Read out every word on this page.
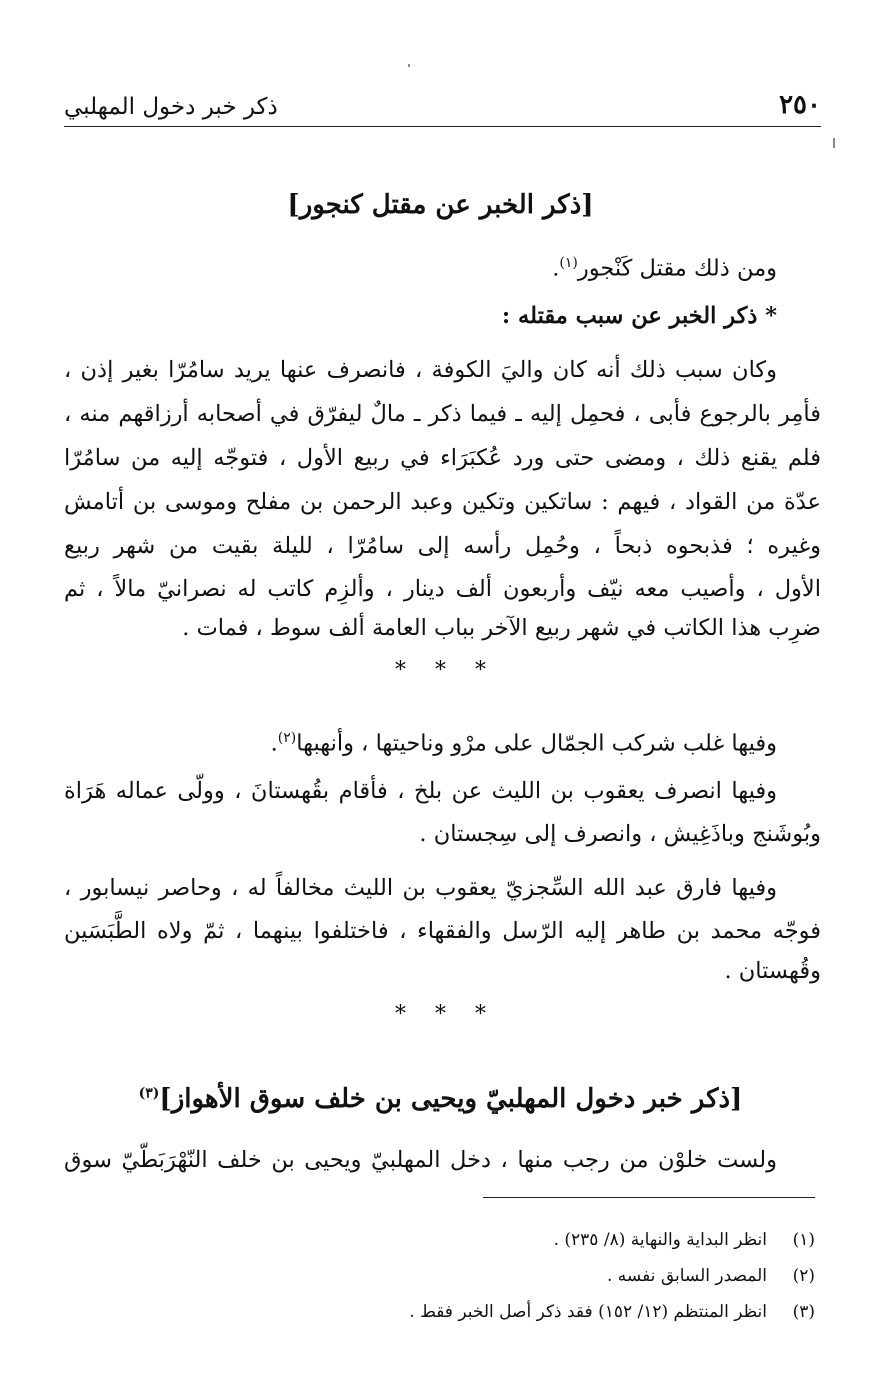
٢٥٠
ذكر خبر دخول المهلبي
[ذكر الخبر عن مقتل كنجور]
ومن ذلك مقتل كَنْجور$^{(١)}$.
* ذكر الخبر عن سبب مقتله :
وكان سبب ذلك أنه كان واليَ الكوفة ، فانصرف عنها يريد سامُرّا بغير إذن ،
فأمِر بالرجوع فأبى ، فحمِل إليه ـ فيما ذكر ـ مالٌ ليفرّق في أصحابه أرزاقهم منه ،
فلم يقنع ذلك ، ومضى حتى ورد عُكبَرَاء في ربيع الأول ، فتوجّه إليه من سامُرّا
عدّة من القواد ، فيهم : ساتكين وتكين وعبد الرحمن بن مفلح وموسى بن أتامش
وغيره ؛ فذبحوه ذبحاً ، وحُمِل رأسه إلى سامُرّا ، لليلة بقيت من شهر ربيع
الأول ، وأصيب معه نيّف وأربعون ألف دينار ، وألزِم كاتب له نصرانيّ مالاً ، ثم
ضرِب هذا الكاتب في شهر ربيع الآخر بباب العامة ألف سوط ، فمات .
* * *
وفيها غلب شركب الجمّال على مرْو وناحيتها ، وأنهبها$^{(٢)}$.
وفيها انصرف يعقوب بن الليث عن بلخ ، فأقام بقُهستانَ ، وولّى عماله هَرَاة
وبُوشَنج وباذَغِيش ، وانصرف إلى سِجستان .
وفيها فارق عبد الله السِّجزيّ يعقوب بن الليث مخالفاً له ، وحاصر نيسابور ،
فوجّه محمد بن طاهر إليه الرّسل والفقهاء ، فاختلفوا بينهما ، ثمّ ولاه الطَّبَسَين
وقُهستان .
* * *
[ذكر خبر دخول المهلبيّ ويحيى بن خلف سوق الأهواز]$^{(٣)}$
ولست خلوْن من رجب منها ، دخل المهلبيّ ويحيى بن خلف النّهْرَبَطّيّ سوق
(١)انظر البداية والنهاية (٨/ ٢٣٥) .
(٢)المصدر السابق نفسه .
(٣)انظر المنتظم (١٢/ ١٥٢) فقد ذكر أصل الخبر فقط .
